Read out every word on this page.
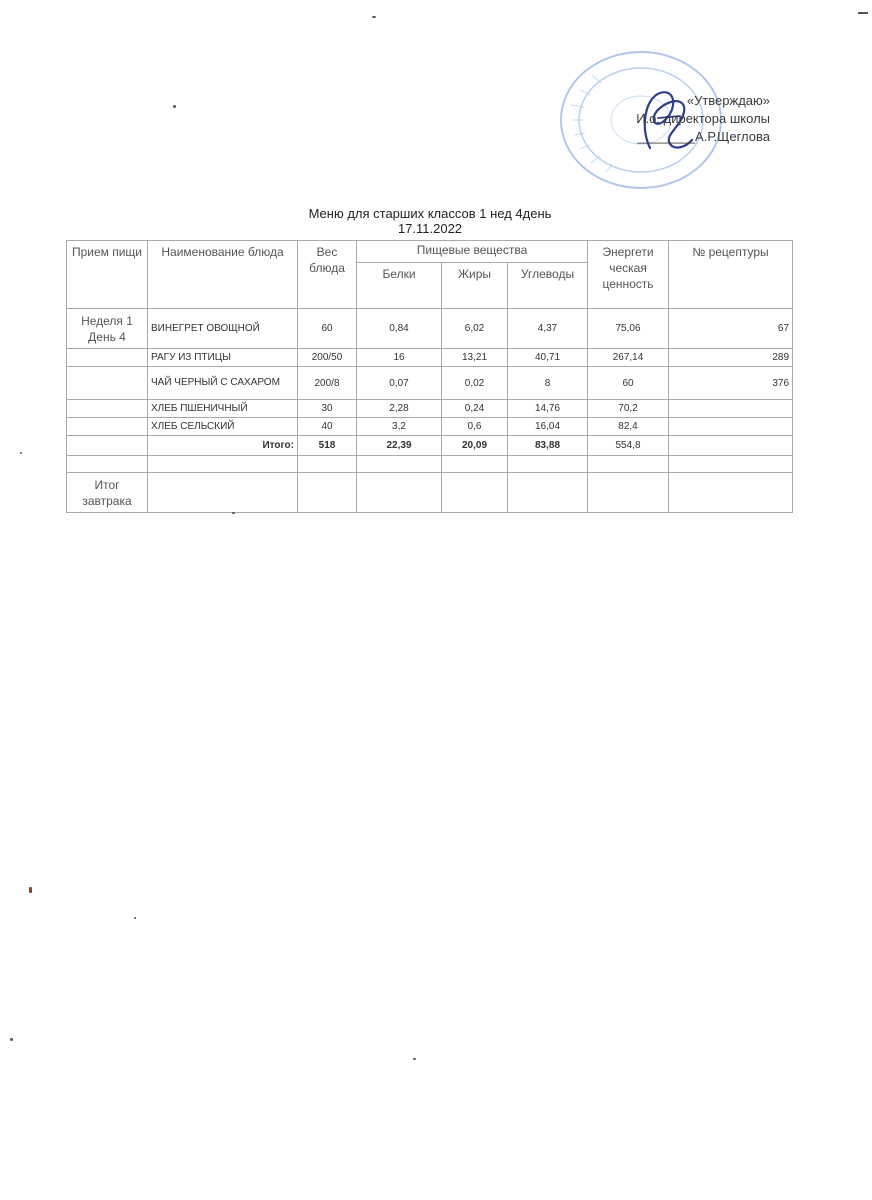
«Утверждаю»
И.о. директора школы
________А.Р.Щеглова
Меню для старших классов 1 нед 4день
17.11.2022
Прием пищи	Наименование блюда	Вес блюда	Пищевые вещества			Энергети ческая ценность	№ рецептуры
			Белки	Жиры	Углеводы		
Неделя 1 День 4	ВИНЕГРЕТ ОВОЩНОЙ	60	0,84	6,02	4,37	75,06	67
	РАГУ ИЗ ПТИЦЫ	200/50	16	13,21	40,71	267,14	289
	ЧАЙ ЧЕРНЫЙ С САХАРОМ	200/8	0,07	0,02	8	60	376
	ХЛЕБ ПШЕНИЧНЫЙ	30	2,28	0,24	14,76	70,2	
	ХЛЕБ СЕЛЬСКИЙ	40	3,2	0,6	16,04	82,4	
	Итого:	518	22,39	20,09	83,88	554,8	

Итог завтрака							
